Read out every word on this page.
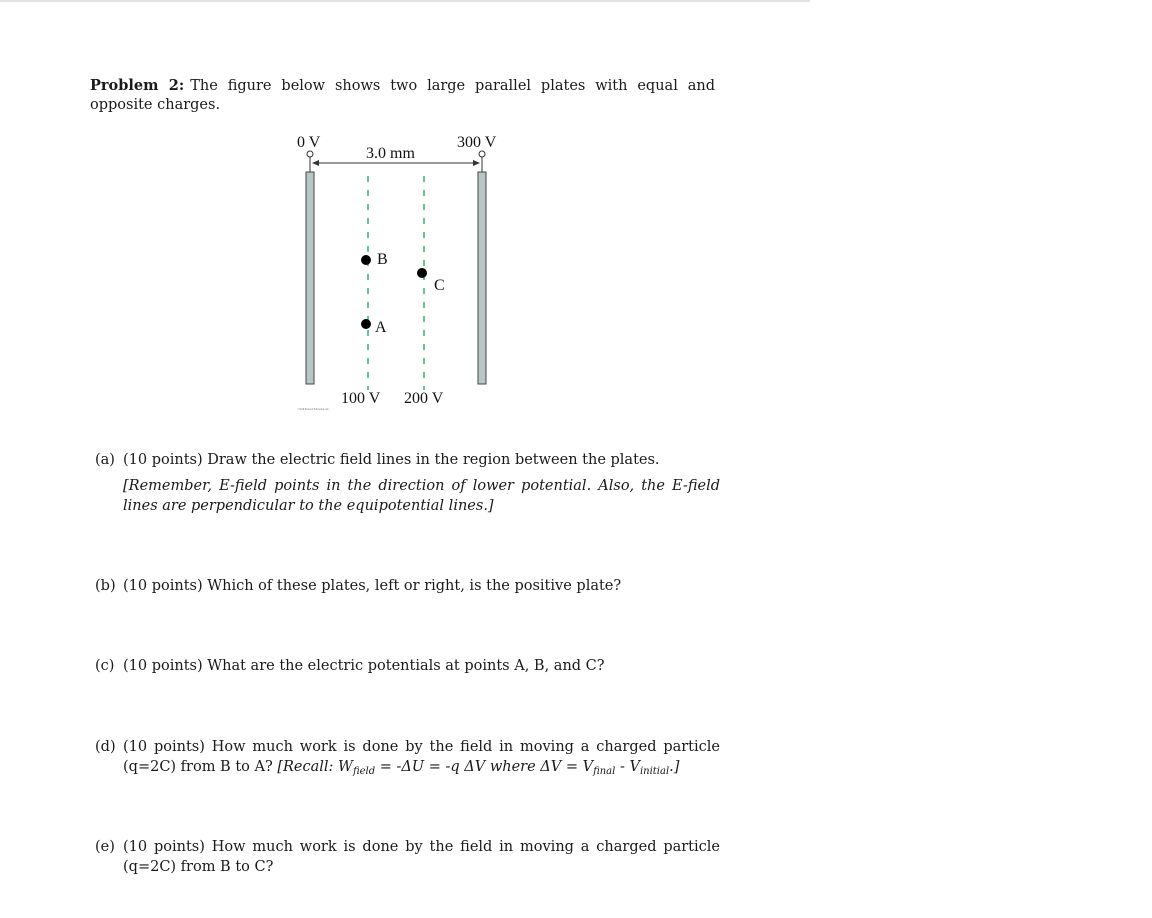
Problem 2: The figure below shows two large parallel plates with equal and opposite charges.
B
C
A
0 V	300 V
3.0 mm
100 V 200 V
©2016 Pearson Education, Inc.
(a) (10 points) Draw the electric field lines in the region between the plates.
[Remember, E-field points in the direction of lower potential. Also, the E-field lines are perpendicular to the equipotential lines.]
(b) (10 points) Which of these plates, left or right, is the positive plate?
(c) (10 points) What are the electric potentials at points A, B, and C?
(d) (10 points) How much work is done by the field in moving a charged particle (q=2C) from B to A? [Recall: $W_{field} = -\Delta U = -q$ ΔV where $\Delta V = V_{final} - V_{initial}$.]
(e) (10 points) How much work is done by the field in moving a charged particle (q=2C) from B to C?
